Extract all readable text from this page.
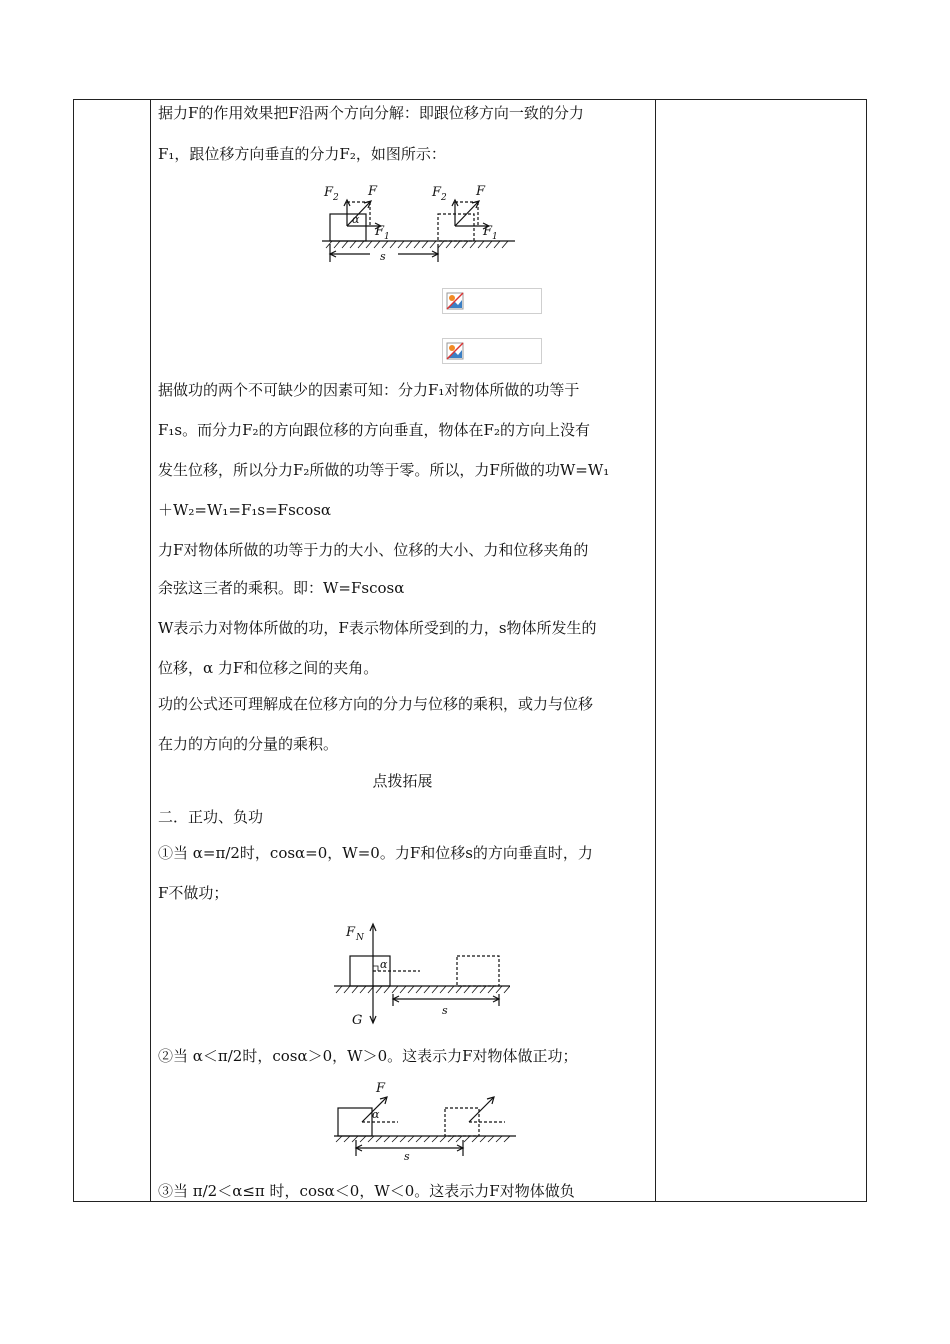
据力F的作用效果把F沿两个方向分解：即跟位移方向一致的分力
F₁，跟位移方向垂直的分力F₂，如图所示：
F 2 F
α
F 1
F 2 F
F 1
s
据做功的两个不可缺少的因素可知：分力F₁对物体所做的功等于
F₁s。而分力F₂的方向跟位移的方向垂直，物体在F₂的方向上没有
发生位移，所以分力F₂所做的功等于零。所以，力F所做的功W=W₁
＋W₂=W₁=F₁s=Fscosα
力F对物体所做的功等于力的大小、位移的大小、力和位移夹角的
余弦这三者的乘积。即：W=Fscosα
W表示力对物体所做的功，F表示物体所受到的力，s物体所发生的
位移，α 力F和位移之间的夹角。
功的公式还可理解成在位移方向的分力与位移的乘积，或力与位移
在力的方向的分量的乘积。
点拨拓展
二．正功、负功
①当 α=π/2时，cosα=0，W=0。力F和位移s的方向垂直时，力
F不做功；
F N
α
s
G
②当 α＜π/2时，cosα＞0，W＞0。这表示力F对物体做正功；
F
α
s
③当 π/2＜α≤π 时，cosα＜0，W＜0。这表示力F对物体做负
